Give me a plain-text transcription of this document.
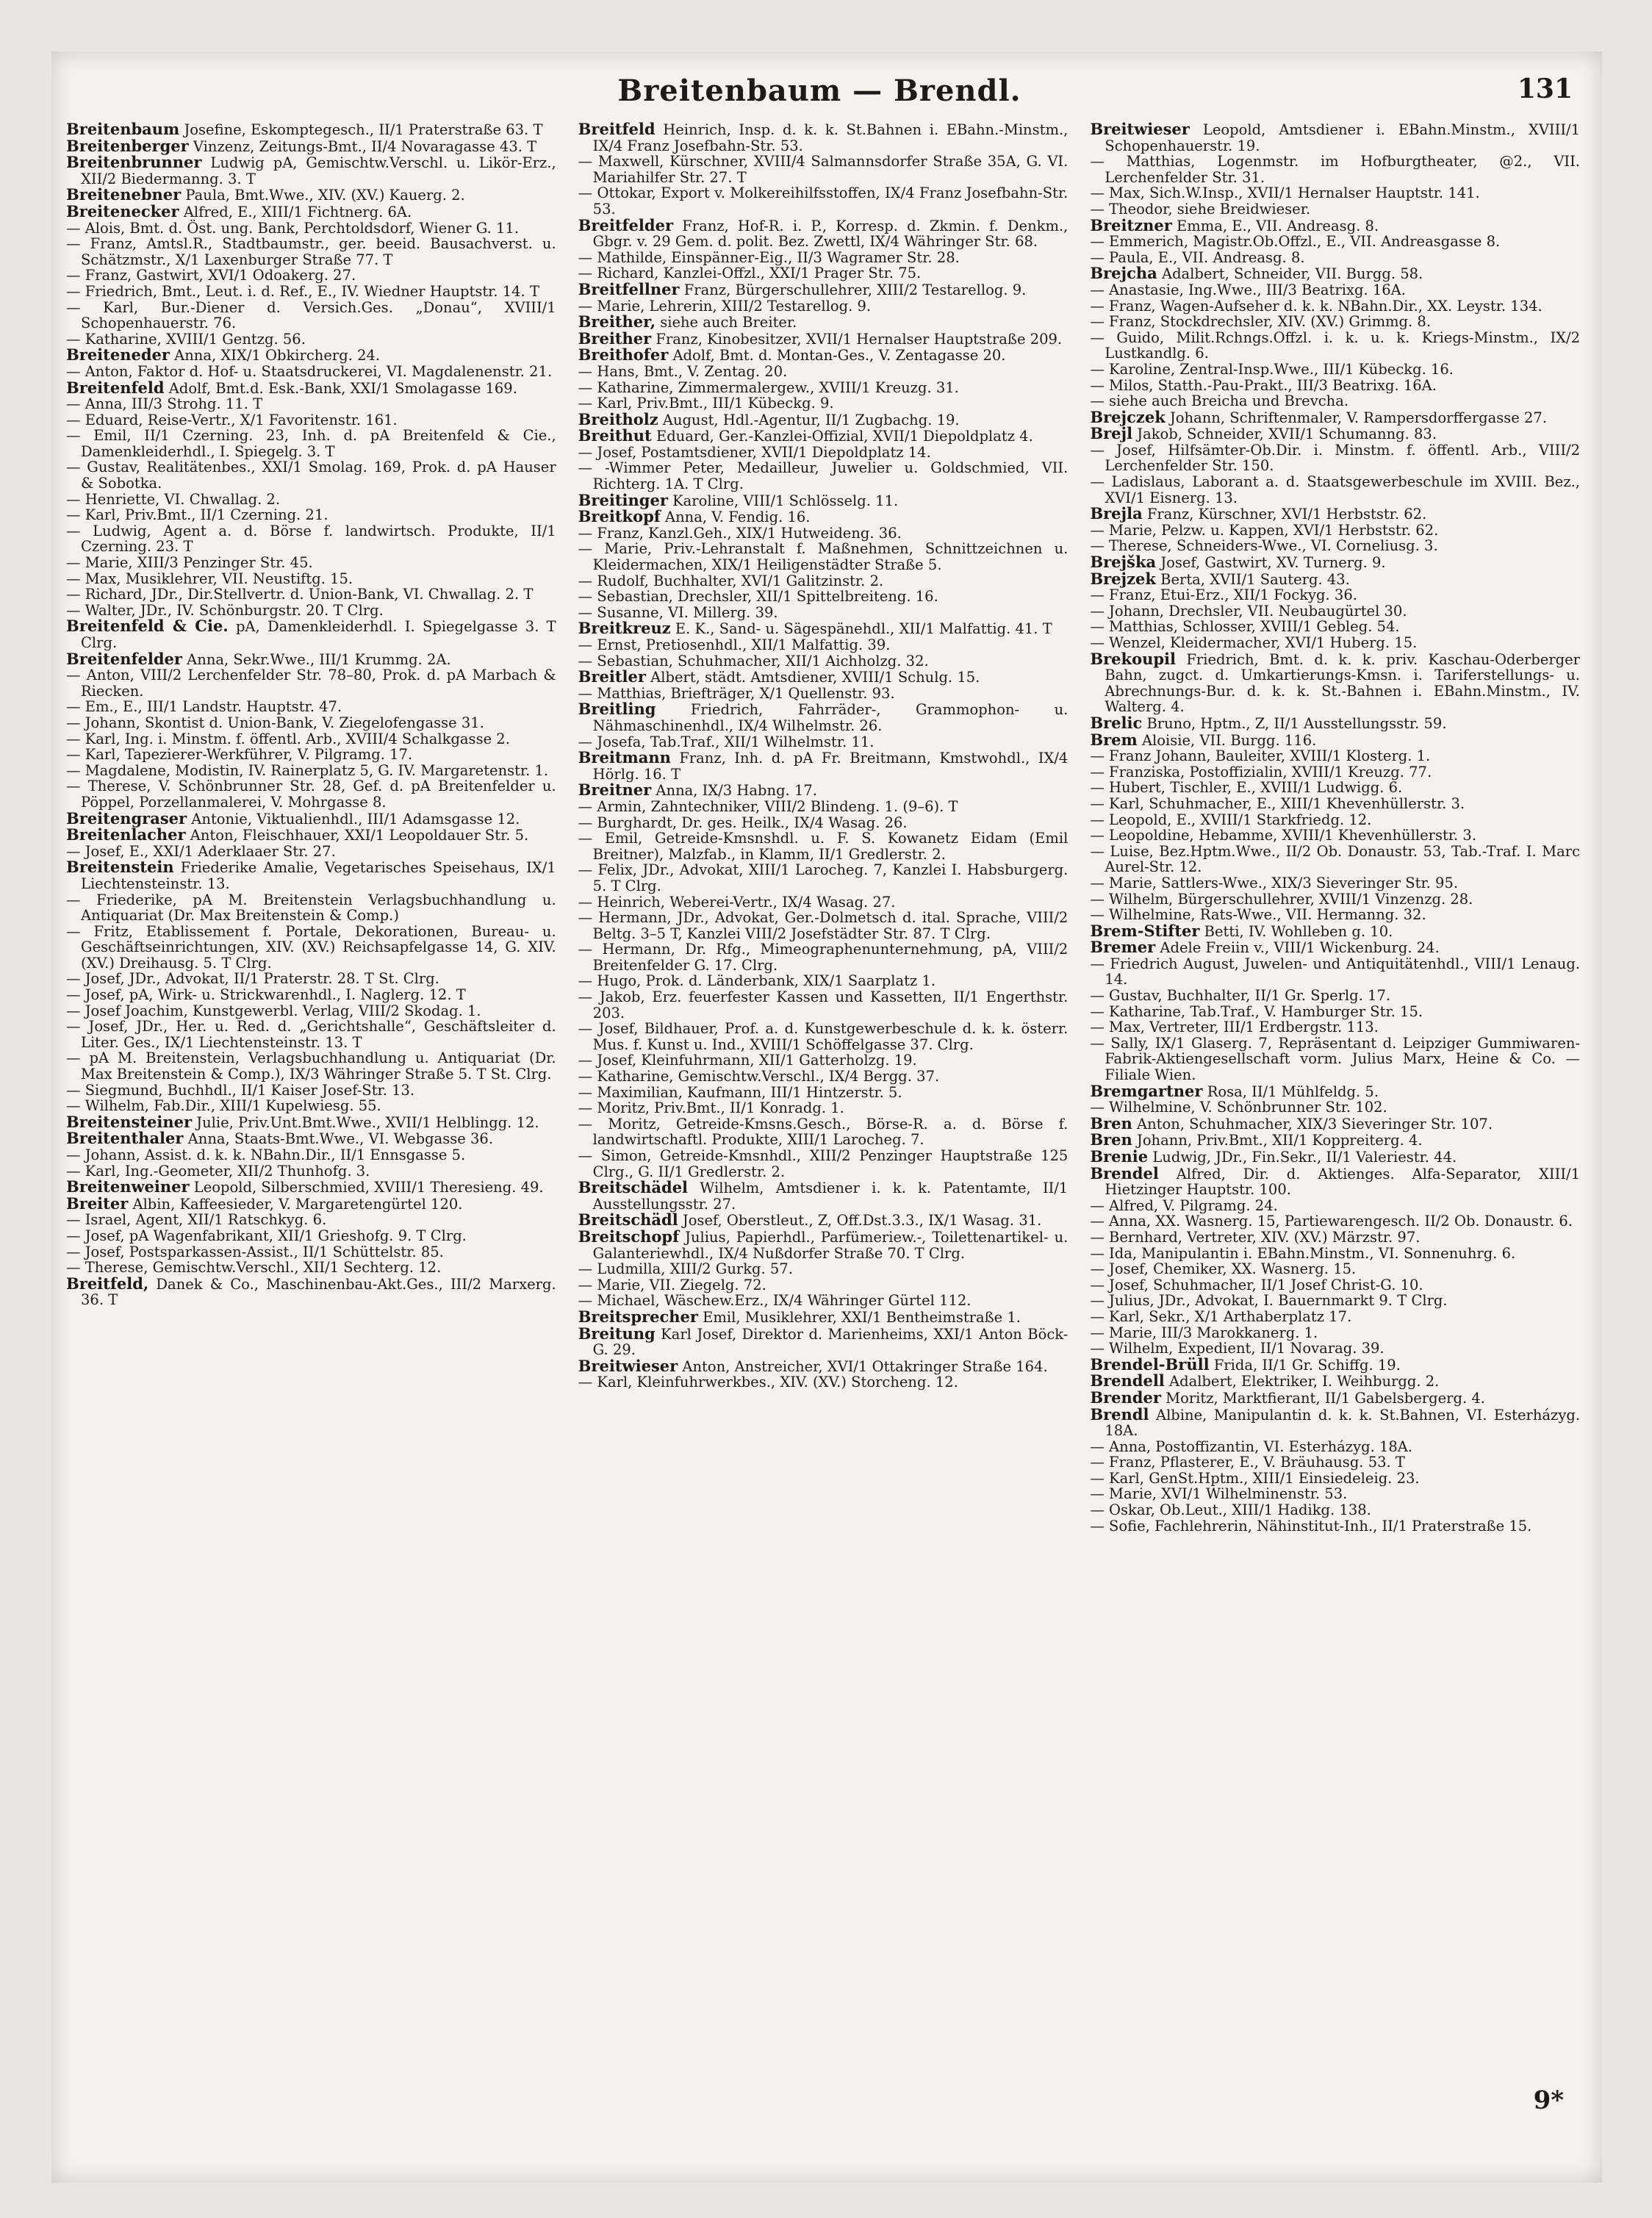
Breitenbaum — Brendl.	131

Breitenbaum Josefine, Eskomptegesch., II/1 Praterstraße 63. T

Breitenberger Vinzenz, Zeitungs-Bmt., II/4 Novaragasse 43. T

Breitenbrunner Ludwig pA, Gemischtw.Verschl. u. Likör-Erz., XII/2 Biedermanng. 3. T

Breitenebner Paula, Bmt.Wwe., XIV. (XV.) Kauerg. 2.

Breitenecker Alfred, E., XIII/1 Fichtnerg. 6A.

— Alois, Bmt. d. Öst. ung. Bank, Perchtoldsdorf, Wiener G. 11.

— Franz, Amtsl.R., Stadtbaumstr., ger. beeid. Bausachverst. u. Schätzmstr., X/1 Laxenburger Straße 77. T

— Franz, Gastwirt, XVI/1 Odoakerg. 27.

— Friedrich, Bmt., Leut. i. d. Ref., E., IV. Wiedner Hauptstr. 14. T

— Karl, Bur.-Diener d. Versich.Ges. „Donau“, XVIII/1 Schopenhauerstr. 76.

— Katharine, XVIII/1 Gentzg. 56.

Breiteneder Anna, XIX/1 Obkircherg. 24.

— Anton, Faktor d. Hof- u. Staatsdruckerei, VI. Magdalenenstr. 21.

Breitenfeld Adolf, Bmt.d. Esk.-Bank, XXI/1 Smolagasse 169.

— Anna, III/3 Strohg. 11. T

— Eduard, Reise-Vertr., X/1 Favoritenstr. 161.

— Emil, II/1 Czerning. 23, Inh. d. pA Breitenfeld & Cie., Damenkleiderhdl., I. Spiegelg. 3. T

— Gustav, Realitätenbes., XXI/1 Smolag. 169, Prok. d. pA Hauser & Sobotka.

— Henriette, VI. Chwallag. 2.

— Karl, Priv.Bmt., II/1 Czerning. 21.

— Ludwig, Agent a. d. Börse f. landwirtsch. Produkte, II/1 Czerning. 23. T

— Marie, XIII/3 Penzinger Str. 45.

— Max, Musiklehrer, VII. Neustiftg. 15.

— Richard, JDr., Dir.Stellvertr. d. Union-Bank, VI. Chwallag. 2. T

— Walter, JDr., IV. Schönburgstr. 20. T Clrg.

Breitenfeld & Cie. pA, Damenkleiderhdl. I. Spiegelgasse 3. T Clrg.

Breitenfelder Anna, Sekr.Wwe., III/1 Krummg. 2A.

— Anton, VIII/2 Lerchenfelder Str. 78–80, Prok. d. pA Marbach & Riecken.

— Em., E., III/1 Landstr. Hauptstr. 47.

— Johann, Skontist d. Union-Bank, V. Ziegelofengasse 31.

— Karl, Ing. i. Minstm. f. öffentl. Arb., XVIII/4 Schalkgasse 2.

— Karl, Tapezierer-Werkführer, V. Pilgramg. 17.

— Magdalene, Modistin, IV. Rainerplatz 5, G. IV. Margaretenstr. 1.

— Therese, V. Schönbrunner Str. 28, Gef. d. pA Breitenfelder u. Pöppel, Porzellanmalerei, V. Mohrgasse 8.

Breitengraser Antonie, Viktualienhdl., III/1 Adamsgasse 12.

Breitenlacher Anton, Fleischhauer, XXI/1 Leopoldauer Str. 5.

— Josef, E., XXI/1 Aderklaaer Str. 27.

Breitenstein Friederike Amalie, Vegetarisches Speisehaus, IX/1 Liechtensteinstr. 13.

— Friederike, pA M. Breitenstein Verlagsbuchhandlung u. Antiquariat (Dr. Max Breitenstein & Comp.)

— Fritz, Etablissement f. Portale, Dekorationen, Bureau- u. Geschäftseinrichtungen, XIV. (XV.) Reichsapfelgasse 14, G. XIV. (XV.) Dreihausg. 5. T Clrg.

— Josef, JDr., Advokat, II/1 Praterstr. 28. T St. Clrg.

— Josef, pA, Wirk- u. Strickwarenhdl., I. Naglerg. 12. T

— Josef Joachim, Kunstgewerbl. Verlag, VIII/2 Skodag. 1.

— Josef, JDr., Her. u. Red. d. „Gerichtshalle“, Geschäftsleiter d. Liter. Ges., IX/1 Liechtensteinstr. 13. T

— pA M. Breitenstein, Verlagsbuchhandlung u. Antiquariat (Dr. Max Breitenstein & Comp.), IX/3 Währinger Straße 5. T St. Clrg.

— Siegmund, Buchhdl., II/1 Kaiser Josef-Str. 13.

— Wilhelm, Fab.Dir., XIII/1 Kupelwiesg. 55.

Breitensteiner Julie, Priv.Unt.Bmt.Wwe., XVII/1 Helblingg. 12.

Breitenthaler Anna, Staats-Bmt.Wwe., VI. Webgasse 36.

— Johann, Assist. d. k. k. NBahn.Dir., II/1 Ennsgasse 5.

— Karl, Ing.-Geometer, XII/2 Thunhofg. 3.

Breitenweiner Leopold, Silberschmied, XVIII/1 Theresieng. 49.

Breiter Albin, Kaffeesieder, V. Margaretengürtel 120.

— Israel, Agent, XII/1 Ratschkyg. 6.

— Josef, pA Wagenfabrikant, XII/1 Grieshofg. 9. T Clrg.

— Josef, Postsparkassen-Assist., II/1 Schüttelstr. 85.

— Therese, Gemischtw.Verschl., XII/1 Sechterg. 12.

Breitfeld, Danek & Co., Maschinenbau-Akt.Ges., III/2 Marxerg. 36. T

Breitfeld Heinrich, Insp. d. k. k. St.Bahnen i. EBahn.-Minstm., IX/4 Franz Josefbahn-Str. 53.

— Maxwell, Kürschner, XVIII/4 Salmannsdorfer Straße 35A, G. VI. Mariahilfer Str. 27. T

— Ottokar, Export v. Molkereihilfsstoffen, IX/4 Franz Josefbahn-Str. 53.

Breitfelder Franz, Hof-R. i. P., Korresp. d. Zkmin. f. Denkm., Gbgr. v. 29 Gem. d. polit. Bez. Zwettl, IX/4 Währinger Str. 68.

— Mathilde, Einspänner-Eig., II/3 Wagramer Str. 28.

— Richard, Kanzlei-Offzl., XXI/1 Prager Str. 75.

Breitfellner Franz, Bürgerschullehrer, XIII/2 Testarellog. 9.

— Marie, Lehrerin, XIII/2 Testarellog. 9.

Breither, siehe auch Breiter.

Breither Franz, Kinobesitzer, XVII/1 Hernalser Hauptstraße 209.

Breithofer Adolf, Bmt. d. Montan-Ges., V. Zentagasse 20.

— Hans, Bmt., V. Zentag. 20.

— Katharine, Zimmermalergew., XVIII/1 Kreuzg. 31.

— Karl, Priv.Bmt., III/1 Kübeckg. 9.

Breitholz August, Hdl.-Agentur, II/1 Zugbachg. 19.

Breithut Eduard, Ger.-Kanzlei-Offizial, XVII/1 Diepoldplatz 4.

— Josef, Postamtsdiener, XVII/1 Diepoldplatz 14.

— -Wimmer Peter, Medailleur, Juwelier u. Goldschmied, VII. Richterg. 1A. T Clrg.

Breitinger Karoline, VIII/1 Schlösselg. 11.

Breitkopf Anna, V. Fendig. 16.

— Franz, Kanzl.Geh., XIX/1 Hutweideng. 36.

— Marie, Priv.-Lehranstalt f. Maßnehmen, Schnittzeichnen u. Kleidermachen, XIX/1 Heiligenstädter Straße 5.

— Rudolf, Buchhalter, XVI/1 Galitzinstr. 2.

— Sebastian, Drechsler, XII/1 Spittelbreiteng. 16.

— Susanne, VI. Millerg. 39.

Breitkreuz E. K., Sand- u. Sägespänehdl., XII/1 Malfattig. 41. T

— Ernst, Pretiosenhdl., XII/1 Malfattig. 39.

— Sebastian, Schuhmacher, XII/1 Aichholzg. 32.

Breitler Albert, städt. Amtsdiener, XVIII/1 Schulg. 15.

— Matthias, Briefträger, X/1 Quellenstr. 93.

Breitling Friedrich, Fahrräder-, Grammophon- u. Nähmaschinenhdl., IX/4 Wilhelmstr. 26.

— Josefa, Tab.Traf., XII/1 Wilhelmstr. 11.

Breitmann Franz, Inh. d. pA Fr. Breitmann, Kmstwohdl., IX/4 Hörlg. 16. T

Breitner Anna, IX/3 Habng. 17.

— Armin, Zahntechniker, VIII/2 Blindeng. 1. (9–6). T

— Burghardt, Dr. ges. Heilk., IX/4 Wasag. 26.

— Emil, Getreide-Kmsnshdl. u. F. S. Kowanetz Eidam (Emil Breitner), Malzfab., in Klamm, II/1 Gredlerstr. 2.

— Felix, JDr., Advokat, XIII/1 Larocheg. 7, Kanzlei I. Habsburgerg. 5. T Clrg.

— Heinrich, Weberei-Vertr., IX/4 Wasag. 27.

— Hermann, JDr., Advokat, Ger.-Dolmetsch d. ital. Sprache, VIII/2 Beltg. 3–5 T, Kanzlei VIII/2 Josefstädter Str. 87. T Clrg.

— Hermann, Dr. Rfg., Mimeographenunternehmung, pA, VIII/2 Breitenfelder G. 17. Clrg.

— Hugo, Prok. d. Länderbank, XIX/1 Saarplatz 1.

— Jakob, Erz. feuerfester Kassen und Kassetten, II/1 Engerthstr. 203.

— Josef, Bildhauer, Prof. a. d. Kunstgewerbeschule d. k. k. österr. Mus. f. Kunst u. Ind., XVIII/1 Schöffelgasse 37. Clrg.

— Josef, Kleinfuhrmann, XII/1 Gatterholzg. 19.

— Katharine, Gemischtw.Verschl., IX/4 Bergg. 37.

— Maximilian, Kaufmann, III/1 Hintzerstr. 5.

— Moritz, Priv.Bmt., II/1 Konradg. 1.

— Moritz, Getreide-Kmsns.Gesch., Börse-R. a. d. Börse f. landwirtschaftl. Produkte, XIII/1 Larocheg. 7.

— Simon, Getreide-Kmsnhdl., XIII/2 Penzinger Hauptstraße 125 Clrg., G. II/1 Gredlerstr. 2.

Breitschädel Wilhelm, Amtsdiener i. k. k. Patentamte, II/1 Ausstellungsstr. 27.

Breitschädl Josef, Oberstleut., Z, Off.Dst.3.3., IX/1 Wasag. 31.

Breitschopf Julius, Papierhdl., Parfümeriew.-, Toilettenartikel- u. Galanteriewhdl., IX/4 Nußdorfer Straße 70. T Clrg.

— Ludmilla, XIII/2 Gurkg. 57.

— Marie, VII. Ziegelg. 72.

— Michael, Wäschew.Erz., IX/4 Währinger Gürtel 112.

Breitsprecher Emil, Musiklehrer, XXI/1 Bentheimstraße 1.

Breitung Karl Josef, Direktor d. Marienheims, XXI/1 Anton Böck-G. 29.

Breitwieser Anton, Anstreicher, XVI/1 Ottakringer Straße 164.

— Karl, Kleinfuhrwerkbes., XIV. (XV.) Storcheng. 12.

Breitwieser Leopold, Amtsdiener i. EBahn.Minstm., XVIII/1 Schopenhauerstr. 19.

— Matthias, Logenmstr. im Hofburgtheater, @2., VII. Lerchenfelder Str. 31.

— Max, Sich.W.Insp., XVII/1 Hernalser Hauptstr. 141.

— Theodor, siehe Breidwieser.

Breitzner Emma, E., VII. Andreasg. 8.

— Emmerich, Magistr.Ob.Offzl., E., VII. Andreasgasse 8.

— Paula, E., VII. Andreasg. 8.

Brejcha Adalbert, Schneider, VII. Burgg. 58.

— Anastasie, Ing.Wwe., III/3 Beatrixg. 16A.

— Franz, Wagen-Aufseher d. k. k. NBahn.Dir., XX. Leystr. 134.

— Franz, Stockdrechsler, XIV. (XV.) Grimmg. 8.

— Guido, Milit.Rchngs.Offzl. i. k. u. k. Kriegs-Minstm., IX/2 Lustkandlg. 6.

— Karoline, Zentral-Insp.Wwe., III/1 Kübeckg. 16.

— Milos, Statth.-Pau-Prakt., III/3 Beatrixg. 16A.

— siehe auch Breicha und Brevcha.

Brejczek Johann, Schriftenmaler, V. Rampersdorffergasse 27.

Brejl Jakob, Schneider, XVII/1 Schumanng. 83.

— Josef, Hilfsämter-Ob.Dir. i. Minstm. f. öffentl. Arb., VIII/2 Lerchenfelder Str. 150.

— Ladislaus, Laborant a. d. Staatsgewerbeschule im XVIII. Bez., XVI/1 Eisnerg. 13.

Brejla Franz, Kürschner, XVI/1 Herbststr. 62.

— Marie, Pelzw. u. Kappen, XVI/1 Herbststr. 62.

— Therese, Schneiders-Wwe., VI. Corneliusg. 3.

Brejška Josef, Gastwirt, XV. Turnerg. 9.

Brejzek Berta, XVII/1 Sauterg. 43.

— Franz, Etui-Erz., XII/1 Fockyg. 36.

— Johann, Drechsler, VII. Neubaugürtel 30.

— Matthias, Schlosser, XVIII/1 Gebleg. 54.

— Wenzel, Kleidermacher, XVI/1 Huberg. 15.

Brekoupil Friedrich, Bmt. d. k. k. priv. Kaschau-Oderberger Bahn, zugct. d. Umkartierungs-Kmsn. i. Tariferstellungs- u. Abrechnungs-Bur. d. k. k. St.-Bahnen i. EBahn.Minstm., IV. Walterg. 4.

Brelic Bruno, Hptm., Z, II/1 Ausstellungsstr. 59.

Brem Aloisie, VII. Burgg. 116.

— Franz Johann, Bauleiter, XVIII/1 Klosterg. 1.

— Franziska, Postoffizialin, XVIII/1 Kreuzg. 77.

— Hubert, Tischler, E., XVIII/1 Ludwigg. 6.

— Karl, Schuhmacher, E., XIII/1 Khevenhüllerstr. 3.

— Leopold, E., XVIII/1 Starkfriedg. 12.

— Leopoldine, Hebamme, XVIII/1 Khevenhüllerstr. 3.

— Luise, Bez.Hptm.Wwe., II/2 Ob. Donaustr. 53, Tab.-Traf. I. Marc Aurel-Str. 12.

— Marie, Sattlers-Wwe., XIX/3 Sieveringer Str. 95.

— Wilhelm, Bürgerschullehrer, XVIII/1 Vinzenzg. 28.

— Wilhelmine, Rats-Wwe., VII. Hermanng. 32.

Brem-Stifter Betti, IV. Wohlleben g. 10.

Bremer Adele Freiin v., VIII/1 Wickenburg. 24.

— Friedrich August, Juwelen- und Antiquitätenhdl., VIII/1 Lenaug. 14.

— Gustav, Buchhalter, II/1 Gr. Sperlg. 17.

— Katharine, Tab.Traf., V. Hamburger Str. 15.

— Max, Vertreter, III/1 Erdbergstr. 113.

— Sally, IX/1 Glaserg. 7, Repräsentant d. Leipziger Gummiwaren-Fabrik-Aktiengesellschaft vorm. Julius Marx, Heine & Co. — Filiale Wien.

Bremgartner Rosa, II/1 Mühlfeldg. 5.

— Wilhelmine, V. Schönbrunner Str. 102.

Bren Anton, Schuhmacher, XIX/3 Sieveringer Str. 107.

Bren Johann, Priv.Bmt., XII/1 Koppreiterg. 4.

Brenie Ludwig, JDr., Fin.Sekr., II/1 Valeriestr. 44.

Brendel Alfred, Dir. d. Aktienges. Alfa-Separator, XIII/1 Hietzinger Hauptstr. 100.

— Alfred, V. Pilgramg. 24.

— Anna, XX. Wasnerg. 15, Partiewarengesch. II/2 Ob. Donaustr. 6.

— Bernhard, Vertreter, XIV. (XV.) Märzstr. 97.

— Ida, Manipulantin i. EBahn.Minstm., VI. Sonnenuhrg. 6.

— Josef, Chemiker, XX. Wasnerg. 15.

— Josef, Schuhmacher, II/1 Josef Christ-G. 10.

— Julius, JDr., Advokat, I. Bauernmarkt 9. T Clrg.

— Karl, Sekr., X/1 Arthaberplatz 17.

— Marie, III/3 Marokkanerg. 1.

— Wilhelm, Expedient, II/1 Novarag. 39.

Brendel-Brüll Frida, II/1 Gr. Schiffg. 19.

Brendell Adalbert, Elektriker, I. Weihburgg. 2.

Brender Moritz, Marktfierant, II/1 Gabelsbergerg. 4.

Brendl Albine, Manipulantin d. k. k. St.Bahnen, VI. Esterházyg. 18A.

— Anna, Postoffizantin, VI. Esterházyg. 18A.

— Franz, Pflasterer, E., V. Bräuhausg. 53. T

— Karl, GenSt.Hptm., XIII/1 Einsiedeleig. 23.

— Marie, XVI/1 Wilhelminenstr. 53.

— Oskar, Ob.Leut., XIII/1 Hadikg. 138.

— Sofie, Fachlehrerin, Nähinstitut-Inh., II/1 Praterstraße 15.

9*
